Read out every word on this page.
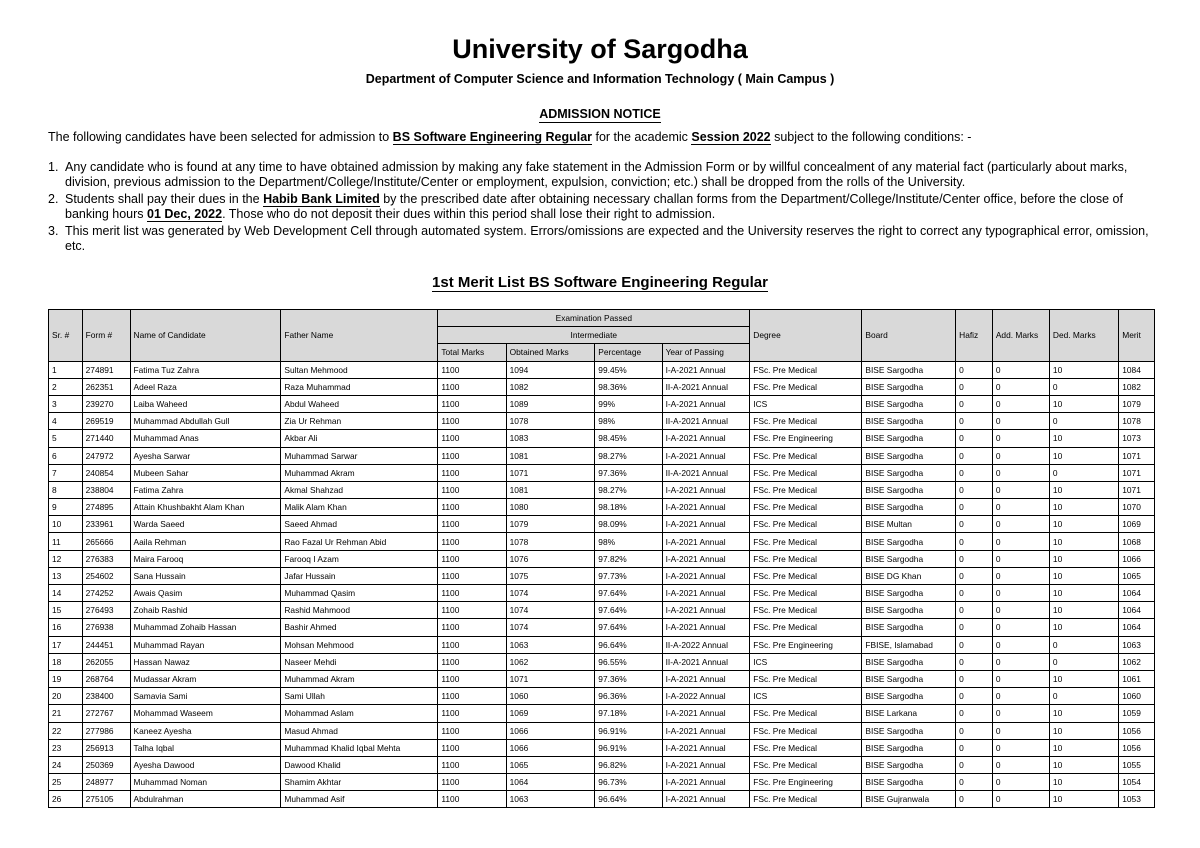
University of Sargodha
Department of Computer Science and Information Technology ( Main Campus )
ADMISSION NOTICE
The following candidates have been selected for admission to BS Software Engineering Regular for the academic Session 2022 subject to the following conditions: -
1. Any candidate who is found at any time to have obtained admission by making any fake statement in the Admission Form or by willful concealment of any material fact (particularly about marks, division, previous admission to the Department/College/Institute/Center or employment, expulsion, conviction; etc.) shall be dropped from the rolls of the University.
2. Students shall pay their dues in the Habib Bank Limited by the prescribed date after obtaining necessary challan forms from the Department/College/Institute/Center office, before the close of banking hours 01 Dec, 2022. Those who do not deposit their dues within this period shall lose their right to admission.
3. This merit list was generated by Web Development Cell through automated system. Errors/omissions are expected and the University reserves the right to correct any typographical error, omission, etc.
1st Merit List BS Software Engineering Regular
Sr. #	Form #	Name of Candidate	Father Name	Examination Passed				Degree	Board	Hafiz	Add. Marks	Ded. Marks	Merit
				Intermediate									
				Total Marks	Obtained Marks	Percentage	Year of Passing						
1	274891	Fatima Tuz Zahra	Sultan Mehmood	1100	1094	99.45%	I-A-2021 Annual	FSc. Pre Medical	BISE Sargodha	0	0	10	1084
2	262351	Adeel Raza	Raza Muhammad	1100	1082	98.36%	II-A-2021 Annual	FSc. Pre Medical	BISE Sargodha	0	0	0	1082
3	239270	Laiba Waheed	Abdul Waheed	1100	1089	99%	I-A-2021 Annual	ICS	BISE Sargodha	0	0	10	1079
4	269519	Muhammad Abdullah Gull	Zia Ur Rehman	1100	1078	98%	II-A-2021 Annual	FSc. Pre Medical	BISE Sargodha	0	0	0	1078
5	271440	Muhammad Anas	Akbar Ali	1100	1083	98.45%	I-A-2021 Annual	FSc. Pre Engineering	BISE Sargodha	0	0	10	1073
6	247972	Ayesha Sarwar	Muhammad Sarwar	1100	1081	98.27%	I-A-2021 Annual	FSc. Pre Medical	BISE Sargodha	0	0	10	1071
7	240854	Mubeen Sahar	Muhammad Akram	1100	1071	97.36%	II-A-2021 Annual	FSc. Pre Medical	BISE Sargodha	0	0	0	1071
8	238804	Fatima Zahra	Akmal Shahzad	1100	1081	98.27%	I-A-2021 Annual	FSc. Pre Medical	BISE Sargodha	0	0	10	1071
9	274895	Attain Khushbakht Alam Khan	Malik Alam Khan	1100	1080	98.18%	I-A-2021 Annual	FSc. Pre Medical	BISE Sargodha	0	0	10	1070
10	233961	Warda Saeed	Saeed Ahmad	1100	1079	98.09%	I-A-2021 Annual	FSc. Pre Medical	BISE Multan	0	0	10	1069
11	265666	Aaila Rehman	Rao Fazal Ur Rehman Abid	1100	1078	98%	I-A-2021 Annual	FSc. Pre Medical	BISE Sargodha	0	0	10	1068
12	276383	Maira Farooq	Farooq I Azam	1100	1076	97.82%	I-A-2021 Annual	FSc. Pre Medical	BISE Sargodha	0	0	10	1066
13	254602	Sana Hussain	Jafar Hussain	1100	1075	97.73%	I-A-2021 Annual	FSc. Pre Medical	BISE DG Khan	0	0	10	1065
14	274252	Awais Qasim	Muhammad Qasim	1100	1074	97.64%	I-A-2021 Annual	FSc. Pre Medical	BISE Sargodha	0	0	10	1064
15	276493	Zohaib Rashid	Rashid Mahmood	1100	1074	97.64%	I-A-2021 Annual	FSc. Pre Medical	BISE Sargodha	0	0	10	1064
16	276938	Muhammad Zohaib Hassan	Bashir Ahmed	1100	1074	97.64%	I-A-2021 Annual	FSc. Pre Medical	BISE Sargodha	0	0	10	1064
17	244451	Muhammad Rayan	Mohsan Mehmood	1100	1063	96.64%	II-A-2022 Annual	FSc. Pre Engineering	FBISE, Islamabad	0	0	0	1063
18	262055	Hassan Nawaz	Naseer Mehdi	1100	1062	96.55%	II-A-2021 Annual	ICS	BISE Sargodha	0	0	0	1062
19	268764	Mudassar Akram	Muhammad Akram	1100	1071	97.36%	I-A-2021 Annual	FSc. Pre Medical	BISE Sargodha	0	0	10	1061
20	238400	Samavia Sami	Sami Ullah	1100	1060	96.36%	I-A-2022 Annual	ICS	BISE Sargodha	0	0	0	1060
21	272767	Mohammad Waseem	Mohammad Aslam	1100	1069	97.18%	I-A-2021 Annual	FSc. Pre Medical	BISE Larkana	0	0	10	1059
22	277986	Kaneez Ayesha	Masud Ahmad	1100	1066	96.91%	I-A-2021 Annual	FSc. Pre Medical	BISE Sargodha	0	0	10	1056
23	256913	Talha Iqbal	Muhammad Khalid Iqbal Mehta	1100	1066	96.91%	I-A-2021 Annual	FSc. Pre Medical	BISE Sargodha	0	0	10	1056
24	250369	Ayesha Dawood	Dawood Khalid	1100	1065	96.82%	I-A-2021 Annual	FSc. Pre Medical	BISE Sargodha	0	0	10	1055
25	248977	Muhammad Noman	Shamim Akhtar	1100	1064	96.73%	I-A-2021 Annual	FSc. Pre Engineering	BISE Sargodha	0	0	10	1054
26	275105	Abdulrahman	Muhammad Asif	1100	1063	96.64%	I-A-2021 Annual	FSc. Pre Medical	BISE Gujranwala	0	0	10	1053
